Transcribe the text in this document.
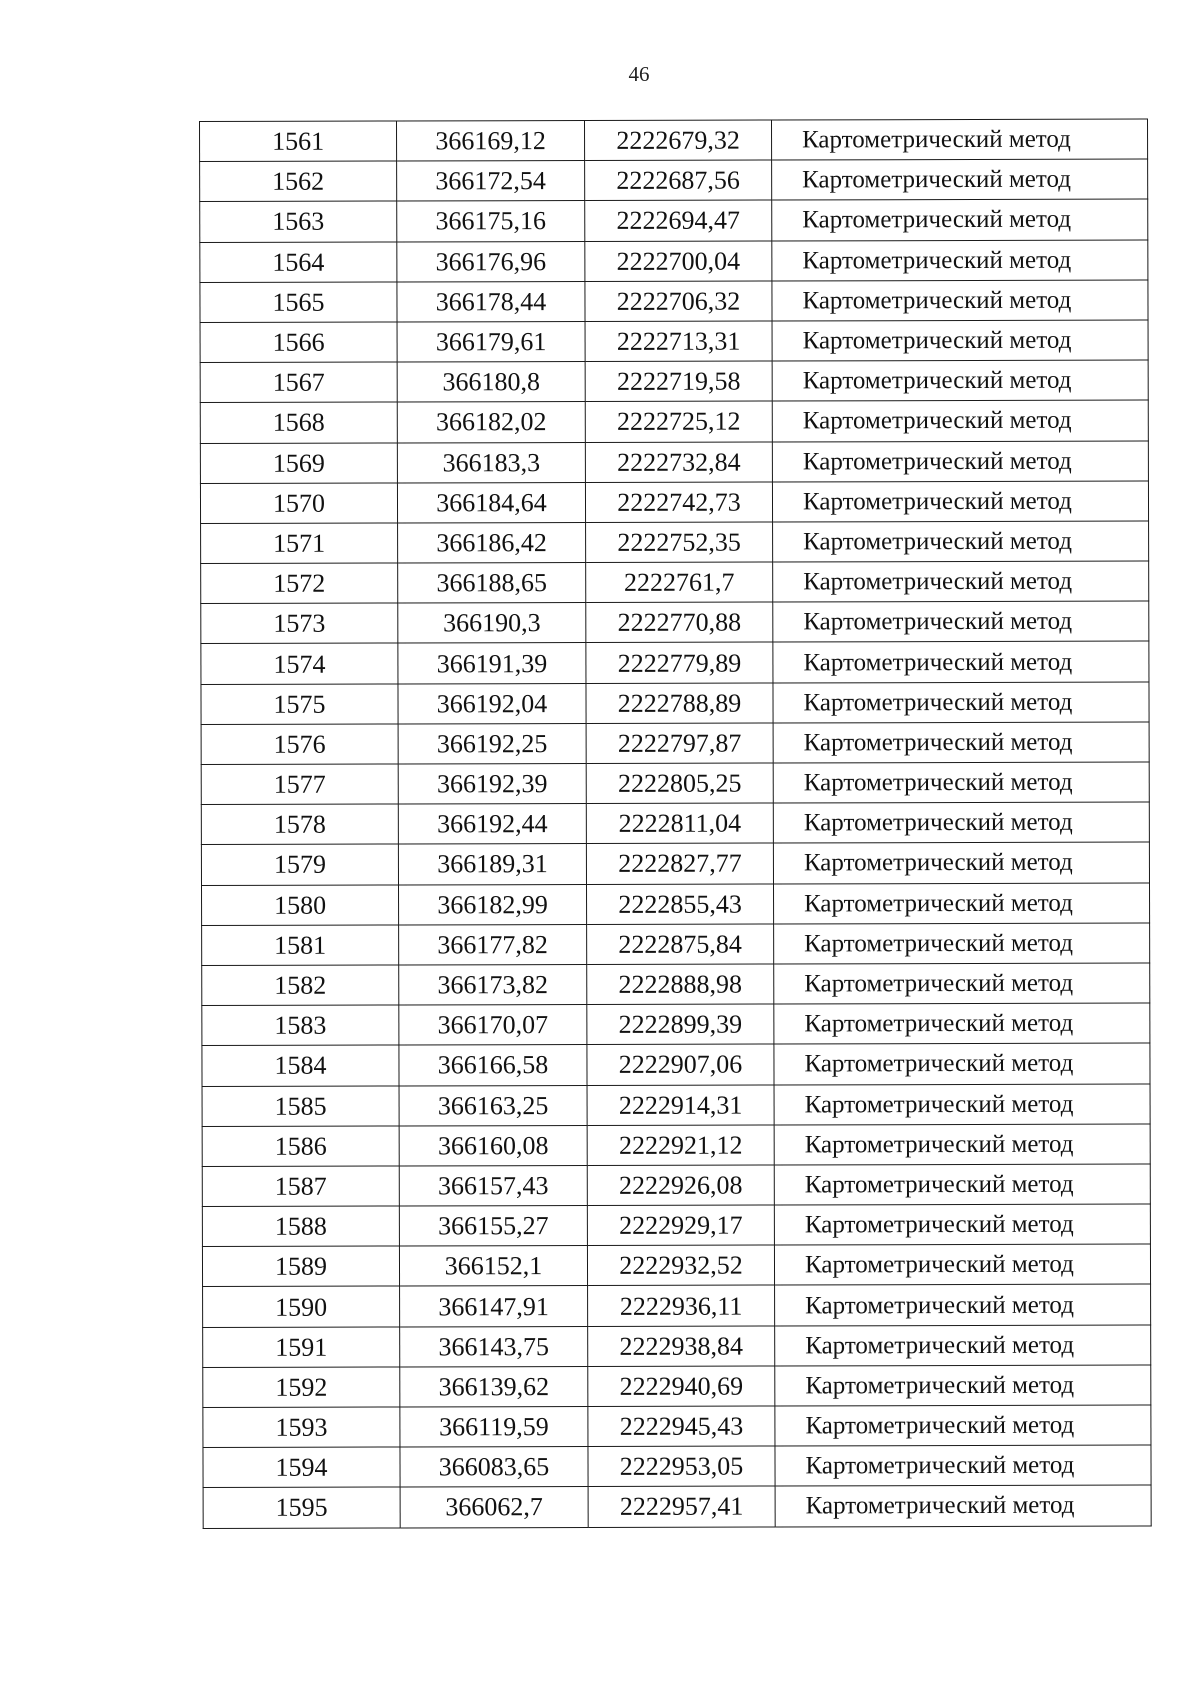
46
1561	366169,12	2222679,32	Картометрический метод
1562	366172,54	2222687,56	Картометрический метод
1563	366175,16	2222694,47	Картометрический метод
1564	366176,96	2222700,04	Картометрический метод
1565	366178,44	2222706,32	Картометрический метод
1566	366179,61	2222713,31	Картометрический метод
1567	366180,8	2222719,58	Картометрический метод
1568	366182,02	2222725,12	Картометрический метод
1569	366183,3	2222732,84	Картометрический метод
1570	366184,64	2222742,73	Картометрический метод
1571	366186,42	2222752,35	Картометрический метод
1572	366188,65	2222761,7	Картометрический метод
1573	366190,3	2222770,88	Картометрический метод
1574	366191,39	2222779,89	Картометрический метод
1575	366192,04	2222788,89	Картометрический метод
1576	366192,25	2222797,87	Картометрический метод
1577	366192,39	2222805,25	Картометрический метод
1578	366192,44	2222811,04	Картометрический метод
1579	366189,31	2222827,77	Картометрический метод
1580	366182,99	2222855,43	Картометрический метод
1581	366177,82	2222875,84	Картометрический метод
1582	366173,82	2222888,98	Картометрический метод
1583	366170,07	2222899,39	Картометрический метод
1584	366166,58	2222907,06	Картометрический метод
1585	366163,25	2222914,31	Картометрический метод
1586	366160,08	2222921,12	Картометрический метод
1587	366157,43	2222926,08	Картометрический метод
1588	366155,27	2222929,17	Картометрический метод
1589	366152,1	2222932,52	Картометрический метод
1590	366147,91	2222936,11	Картометрический метод
1591	366143,75	2222938,84	Картометрический метод
1592	366139,62	2222940,69	Картометрический метод
1593	366119,59	2222945,43	Картометрический метод
1594	366083,65	2222953,05	Картометрический метод
1595	366062,7	2222957,41	Картометрический метод
